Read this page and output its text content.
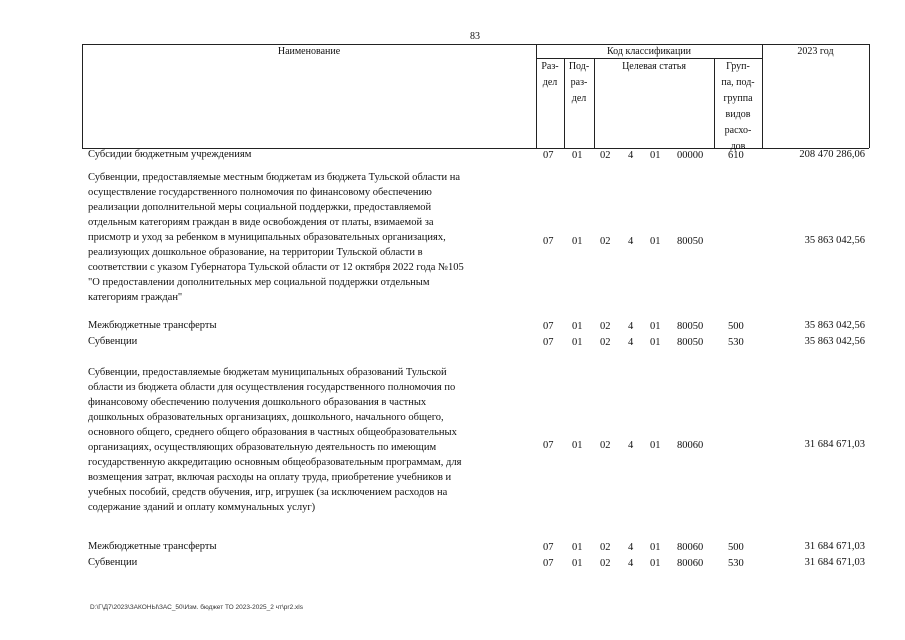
83
Наименование	Код классификации	2023 год
Раз-
дел
Под-
раз-
дел
Целевая статья	Груп-
па, под-
группа
видов
расхо-
дов
Субсидии бюджетным учреждениям	07 01 02 4 01 00000 610	208 470 286,06
Субвенции, предоставляемые местным бюджетам из бюджета Тульской области на
осуществление государственного полномочия по финансовому обеспечению
реализации дополнительной меры социальной поддержки, предоставляемой
отдельным категориям граждан в виде освобождения от платы, взимаемой за
присмотр и уход за ребенком в муниципальных образовательных организациях,
реализующих дошкольное образование, на территории Тульской области в
соответствии с указом Губернатора Тульской области от 12 октября 2022 года №105
"О предоставлении дополнительных мер социальной поддержки отдельным
категориям граждан"
07 01 02 4 01 80050	35 863 042,56
Межбюджетные трансферты	07 01 02 4 01 80050 500	35 863 042,56
Субвенции	07 01 02 4 01 80050 530	35 863 042,56
Субвенции, предоставляемые бюджетам муниципальных образований Тульской
области из бюджета области для осуществления государственного полномочия по
финансовому обеспечению получения дошкольного образования в частных
дошкольных образовательных организациях, дошкольного, начального общего,
основного общего, среднего общего образования в частных общеобразовательных
организациях, осуществляющих образовательную деятельность по имеющим
государственную аккредитацию основным общеобразовательным программам, для
возмещения затрат, включая расходы на оплату труда, приобретение учебников и
учебных пособий, средств обучения, игр, игрушек (за исключением расходов на
содержание зданий и оплату коммунальных услуг)
07 01 02 4 01 80060	31 684 671,03
Межбюджетные трансферты	07 01 02 4 01 80060 500	31 684 671,03
Субвенции	07 01 02 4 01 80060 530	31 684 671,03
D:\Г\Д7\2023\ЗАКОНЫ\ЗАС_50\Изм. бюджет ТО 2023-2025_2 чт\pr2.xls
